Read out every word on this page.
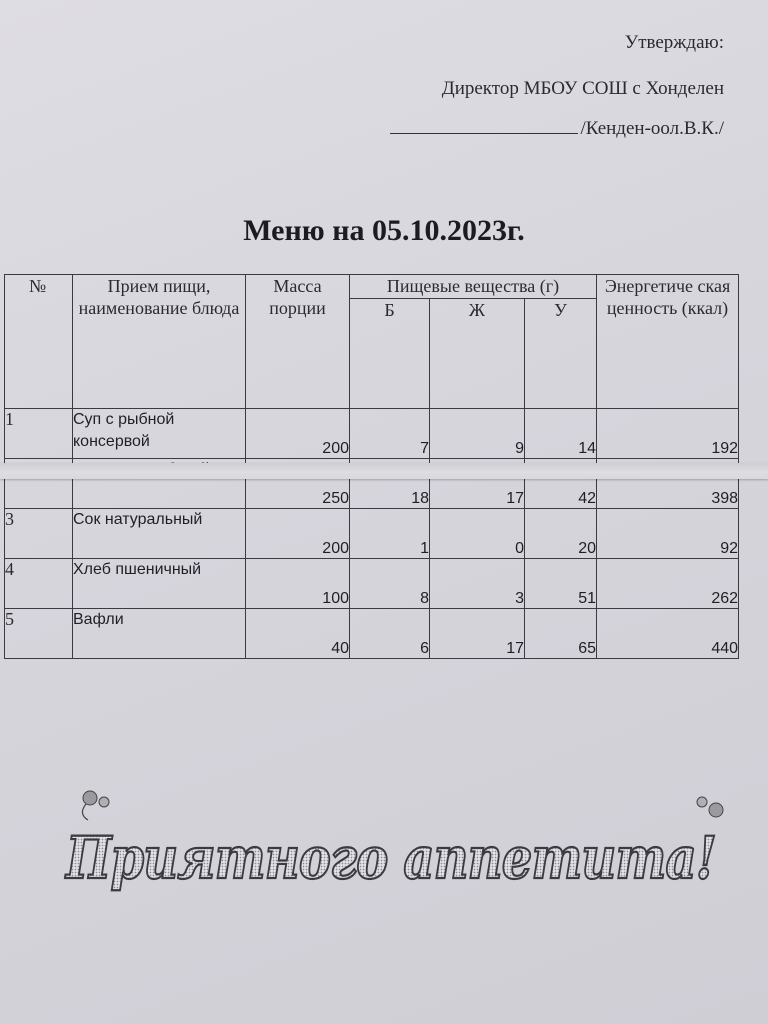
Утверждаю:
Директор МБОУ СОШ с Хонделен
/Кенден-оол.В.К./
Меню на 05.10.2023г.
№	Прием пищи, наименование блюда	Масса порции	Пищевые вещества (г)			Энергетиче ская ценность (ккал)
			Б	Ж	У	
1	Суп с рыбной консервой	200	7	9	14	192
		250	18	17	42	398
3	Сок натуральный	200	1	0	20	92
4	Хлеб пшеничный	100	8	3	51	262
5	Вафли	40	6	17	65	440
Приятного аппетита!
